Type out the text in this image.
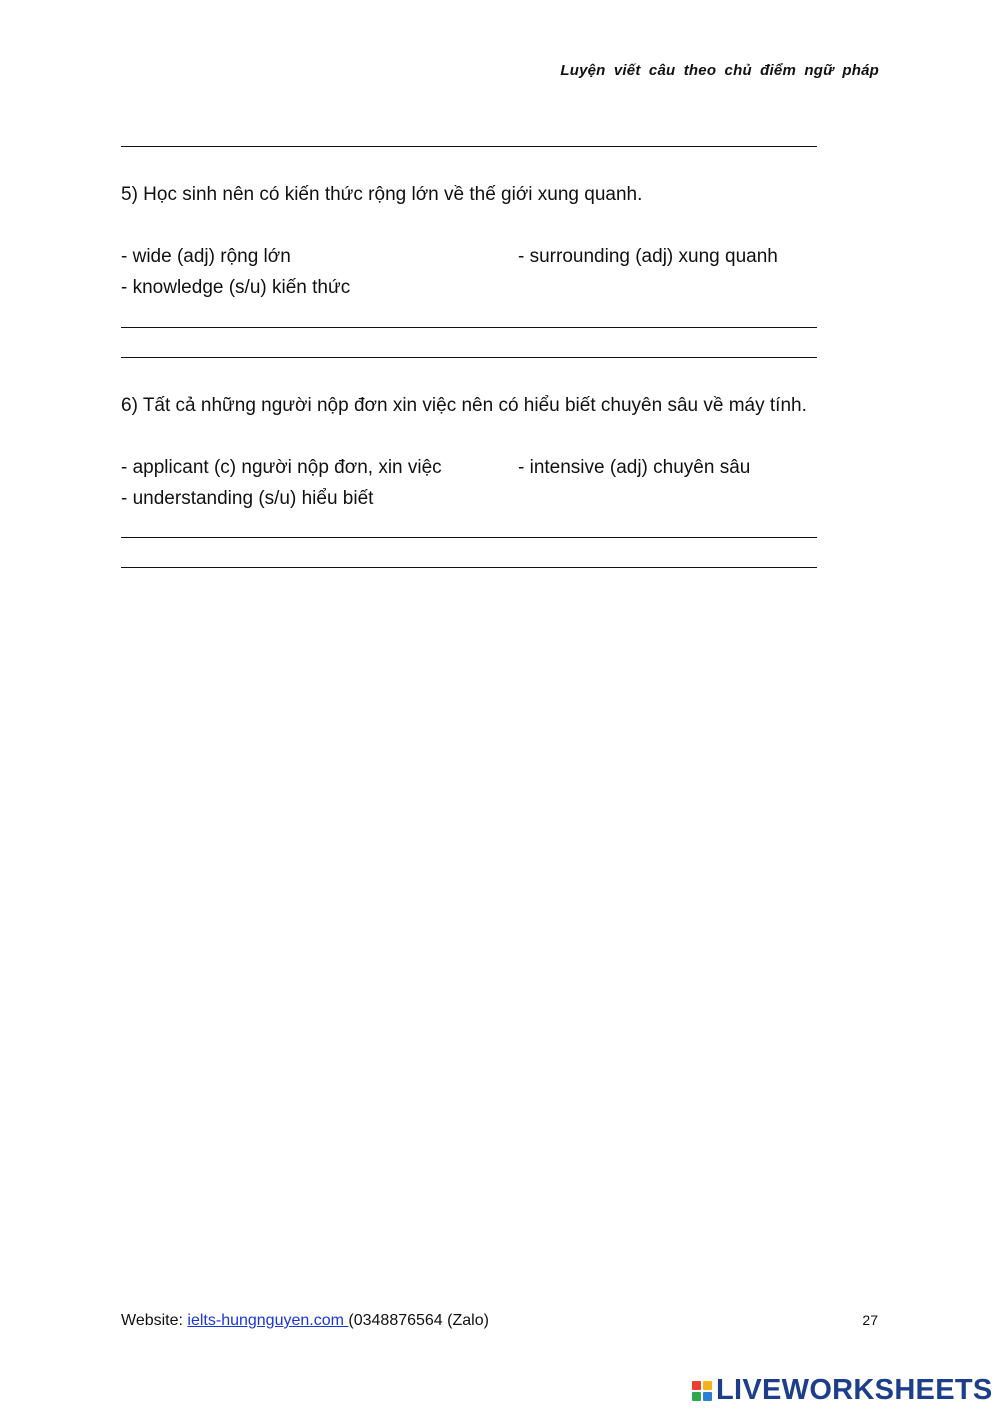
Luyện viết câu theo chủ điểm ngữ pháp
5) Học sinh nên có kiến thức rộng lớn về thế giới xung quanh.
- wide (adj) rộng lớn	- surrounding (adj) xung quanh
- knowledge (s/u) kiến thức
6) Tất cả những người nộp đơn xin việc nên có hiểu biết chuyên sâu về máy tính.
- applicant (c) người nộp đơn, xin việc	- intensive (adj) chuyên sâu
- understanding (s/u) hiểu biết
Website: ielts-hungnguyen.com (0348876564 (Zalo)	27
LIVEWORKSHEETS
